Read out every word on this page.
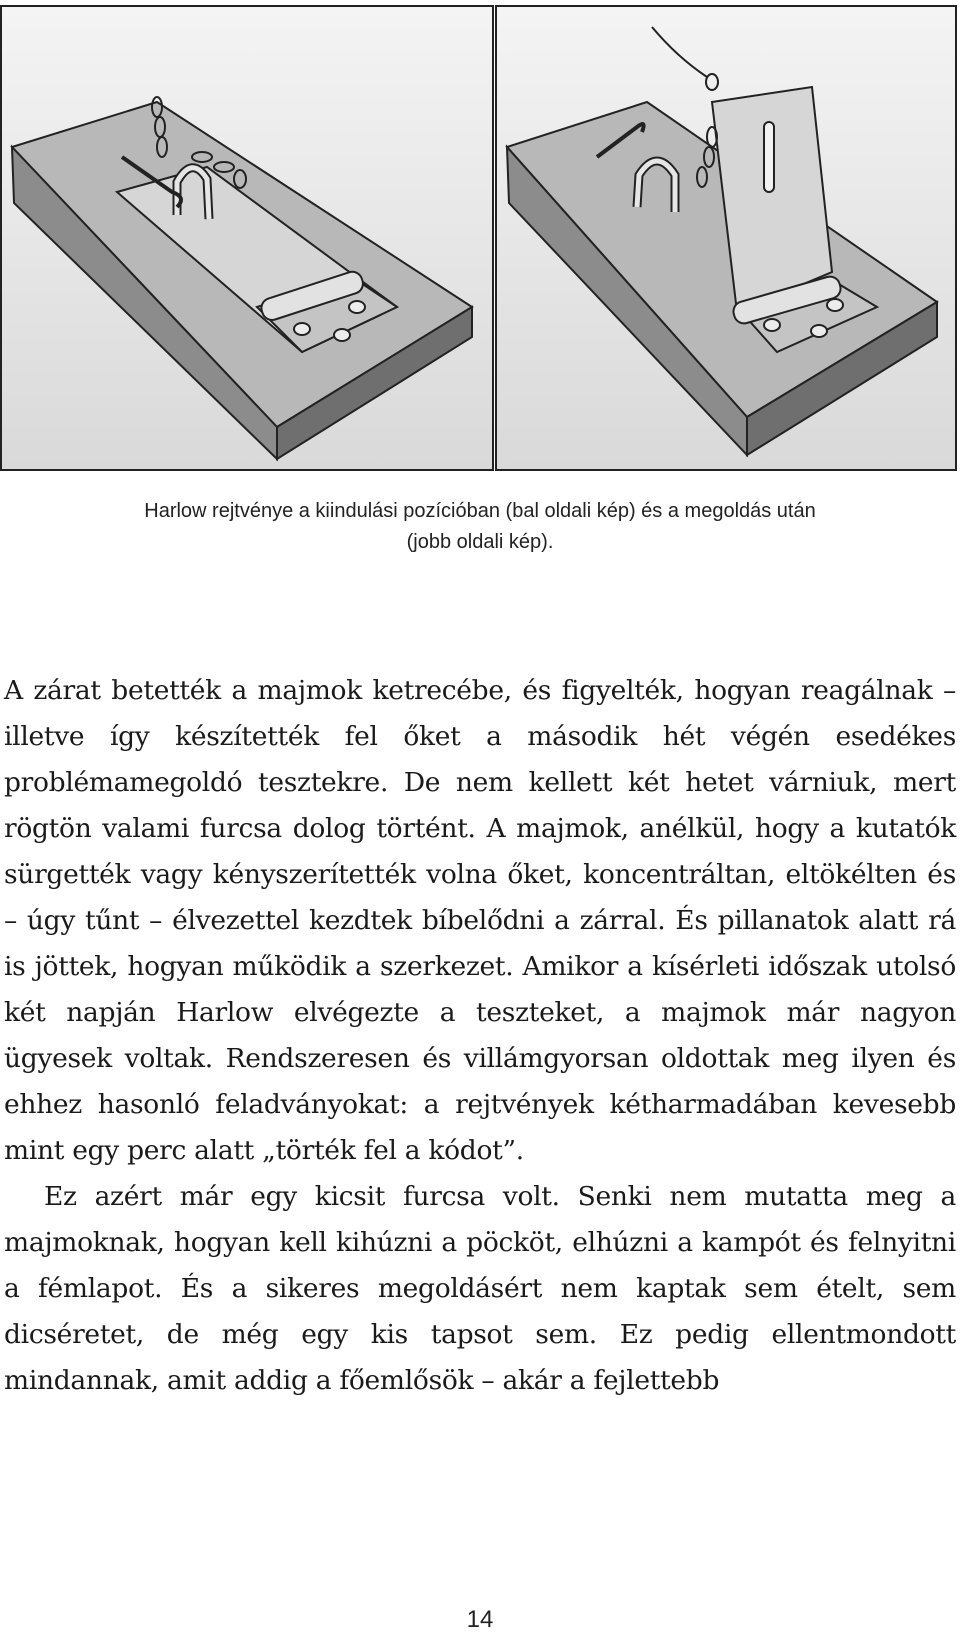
Harlow rejtvénye a kiindulási pozícióban (bal oldali kép) és a megoldás után
(jobb oldali kép).

A zárat betették a majmok ketrecébe, és figyelték, hogyan reagálnak – illetve így készítették fel őket a második hét végén esedékes problémamegoldó tesztekre. De nem kellett két hetet várniuk, mert rögtön valami furcsa dolog történt. A majmok, anélkül, hogy a kutatók sürgették vagy kényszerítették volna őket, koncentráltan, eltökélten és – úgy tűnt – élvezettel kezdtek bíbelődni a zárral. És pillanatok alatt rá is jöttek, hogyan működik a szerkezet. Amikor a kísérleti időszak utolsó két napján Harlow elvégezte a teszteket, a majmok már nagyon ügyesek voltak. Rendszeresen és villámgyorsan oldottak meg ilyen és ehhez hasonló feladványokat: a rejtvények kétharmadában kevesebb mint egy perc alatt „törték fel a kódot”.

Ez azért már egy kicsit furcsa volt. Senki nem mutatta meg a majmoknak, hogyan kell kihúzni a pöcköt, elhúzni a kampót és felnyitni a fémlapot. És a sikeres megoldásért nem kaptak sem ételt, sem dicséretet, de még egy kis tapsot sem. Ez pedig ellentmondott mindannak, amit addig a főemlősök – akár a fejlettebb

14
